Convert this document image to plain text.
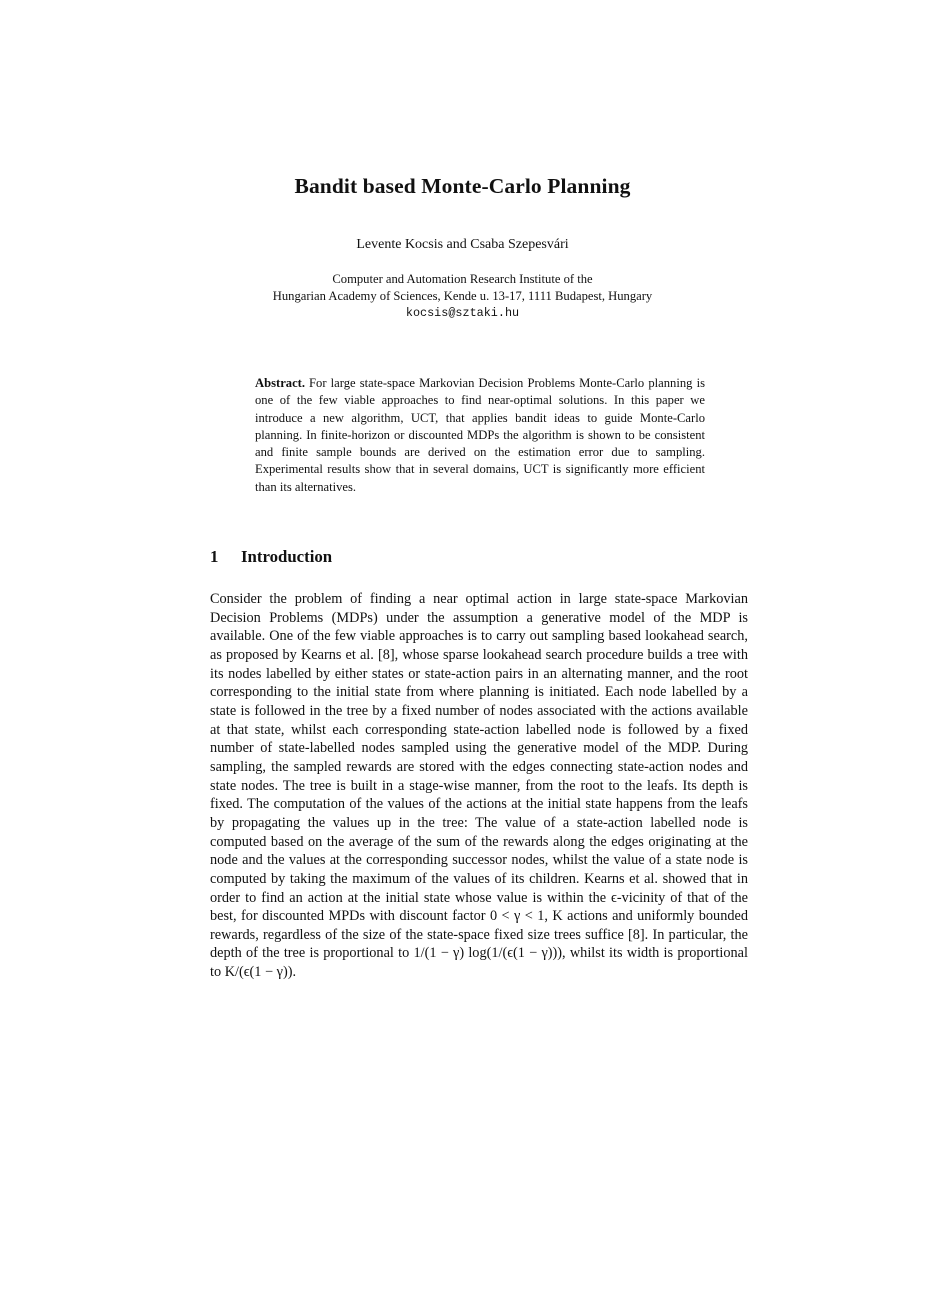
Bandit based Monte-Carlo Planning
Levente Kocsis and Csaba Szepesvári
Computer and Automation Research Institute of the
Hungarian Academy of Sciences, Kende u. 13-17, 1111 Budapest, Hungary
kocsis@sztaki.hu
Abstract. For large state-space Markovian Decision Problems Monte-Carlo planning is one of the few viable approaches to find near-optimal solutions. In this paper we introduce a new algorithm, UCT, that applies bandit ideas to guide Monte-Carlo planning. In finite-horizon or discounted MDPs the algorithm is shown to be consistent and finite sample bounds are derived on the estimation error due to sampling. Experimental results show that in several domains, UCT is significantly more efficient than its alternatives.
1 Introduction

Consider the problem of finding a near optimal action in large state-space Markovian Decision Problems (MDPs) under the assumption a generative model of the MDP is available. One of the few viable approaches is to carry out sampling based lookahead search, as proposed by Kearns et al. [8], whose sparse lookahead search procedure builds a tree with its nodes labelled by either states or state-action pairs in an alternating manner, and the root corresponding to the initial state from where planning is initiated. Each node labelled by a state is followed in the tree by a fixed number of nodes associated with the actions available at that state, whilst each corresponding state-action labelled node is followed by a fixed number of state-labelled nodes sampled using the generative model of the MDP. During sampling, the sampled rewards are stored with the edges connecting state-action nodes and state nodes. The tree is built in a stage-wise manner, from the root to the leafs. Its depth is fixed. The computation of the values of the actions at the initial state happens from the leafs by propagating the values up in the tree: The value of a state-action labelled node is computed based on the average of the sum of the rewards along the edges originating at the node and the values at the corresponding successor nodes, whilst the value of a state node is computed by taking the maximum of the values of its children. Kearns et al. showed that in order to find an action at the initial state whose value is within the ϵ-vicinity of that of the best, for discounted MPDs with discount factor 0 < γ < 1, K actions and uniformly bounded rewards, regardless of the size of the state-space fixed size trees suffice [8]. In particular, the depth of the tree is proportional to 1/(1 − γ) log(1/(ϵ(1 − γ))), whilst its width is proportional to K/(ϵ(1 − γ)).
